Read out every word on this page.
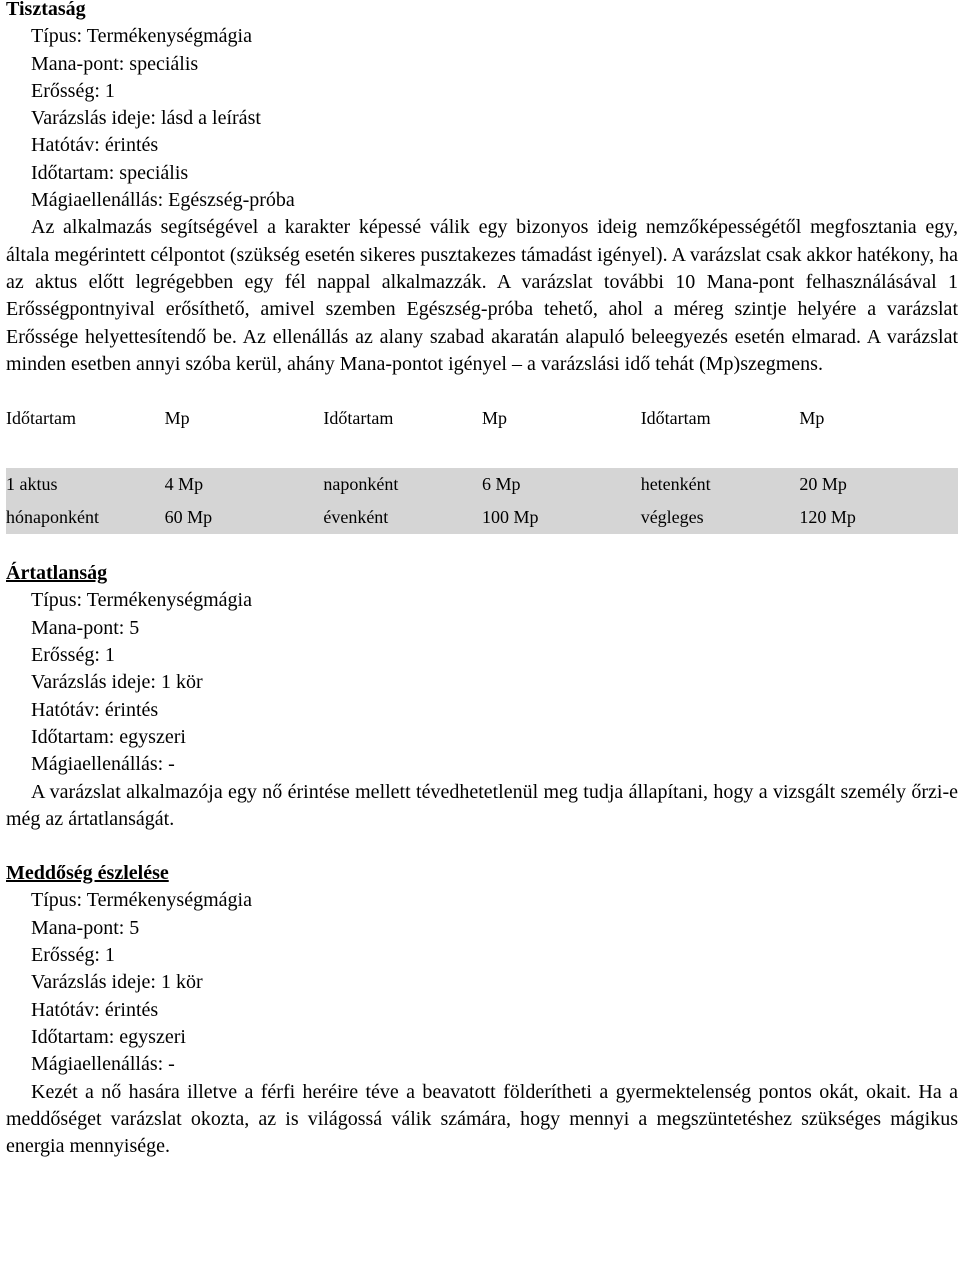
Tisztaság
Típus: Termékenységmágia
Mana-pont: speciális
Erősség: 1
Varázslás ideje: lásd a leírást
Hatótáv: érintés
Időtartam: speciális
Mágiaellenállás: Egészség-próba

Az alkalmazás segítségével a karakter képessé válik egy bizonyos ideig nemzőképességétől megfosztania egy, általa megérintett célpontot (szükség esetén sikeres pusztakezes támadást igényel). A varázslat csak akkor hatékony, ha az aktus előtt legrégebben egy fél nappal alkalmazzák. A varázslat további 10 Mana-pont felhasználásával 1 Erősségpontnyival erősíthető, amivel szemben Egészség-próba tehető, ahol a méreg szintje helyére a varázslat Erőssége helyettesítendő be. Az ellenállás az alany szabad akaratán alapuló beleegyezés esetén elmarad. A varázslat minden esetben annyi szóba kerül, ahány Mana-pontot igényel – a varázslási idő tehát (Mp)szegmens.

Időtartam	Mp	Időtartam	Mp	Időtartam	Mp
1 aktus	4 Mp	naponként	6 Mp	hetenként	20 Mp
hónaponként	60 Mp	évenként	100 Mp	végleges	120 Mp
Ártatlanság
Típus: Termékenységmágia
Mana-pont: 5
Erősség: 1
Varázslás ideje: 1 kör
Hatótáv: érintés
Időtartam: egyszeri
Mágiaellenállás: -

A varázslat alkalmazója egy nő érintése mellett tévedhetetlenül meg tudja állapítani, hogy a vizsgált személy őrzi-e még az ártatlanságát.

Meddőség észlelése
Típus: Termékenységmágia
Mana-pont: 5
Erősség: 1
Varázslás ideje: 1 kör
Hatótáv: érintés
Időtartam: egyszeri
Mágiaellenállás: -

Kezét a nő hasára illetve a férfi heréire téve a beavatott földerítheti a gyermektelenség pontos okát, okait. Ha a meddőséget varázslat okozta, az is világossá válik számára, hogy mennyi a megszüntetéshez szükséges mágikus energia mennyisége.
